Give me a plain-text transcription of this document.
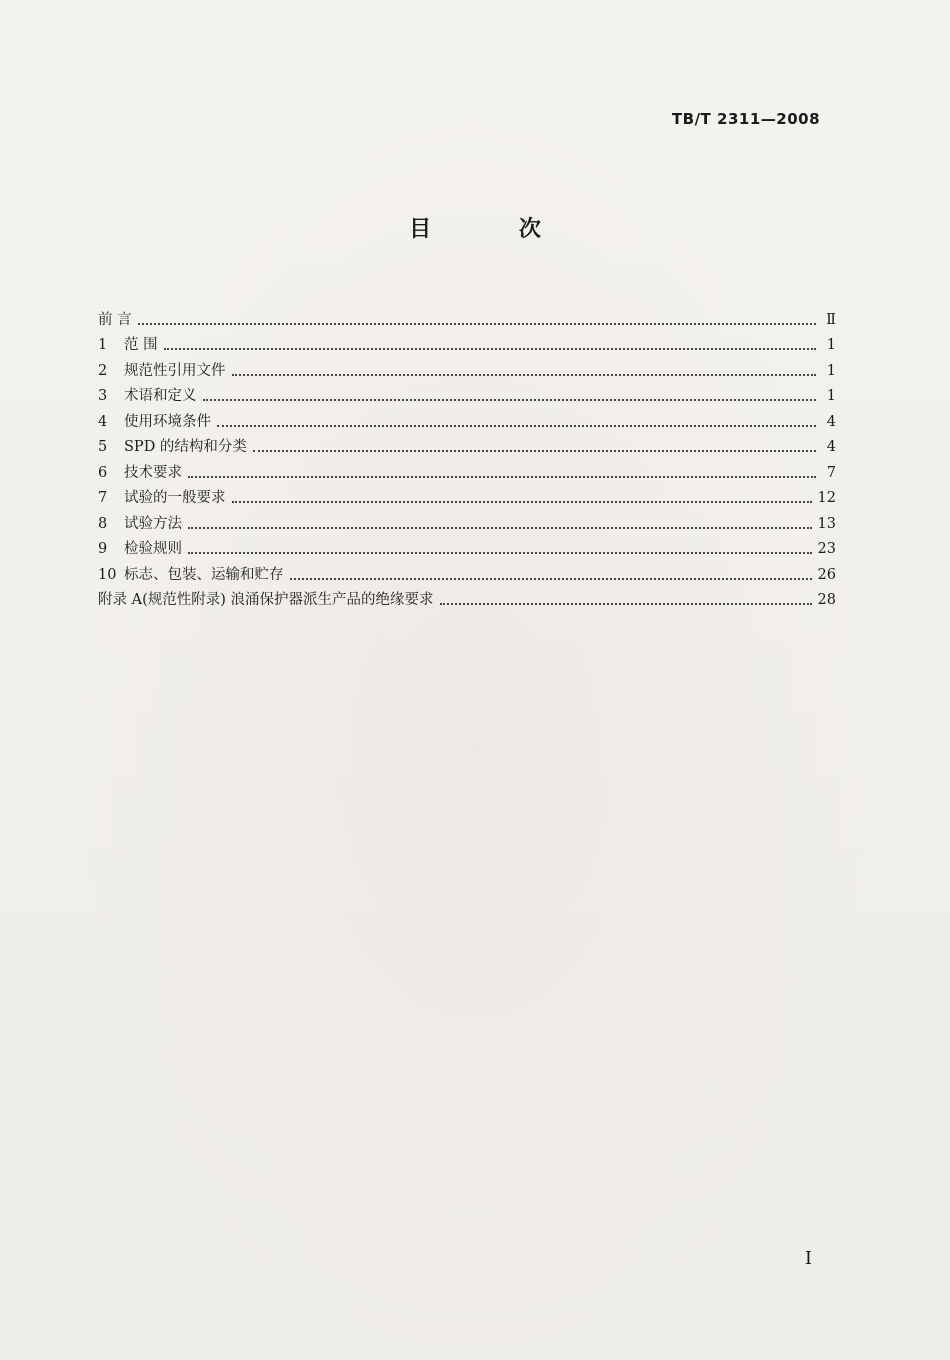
TB/T 2311—2008
目 次
前 言	Ⅱ
1	范 围	1
2	规范性引用文件	1
3	术语和定义	1
4	使用环境条件	4
5	SPD 的结构和分类	4
6	技术要求	7
7	试验的一般要求	12
8	试验方法	13
9	检验规则	23
10 标志、包装、运输和贮存	26
附录 A(规范性附录) 浪涌保护器派生产品的绝缘要求	28
I
